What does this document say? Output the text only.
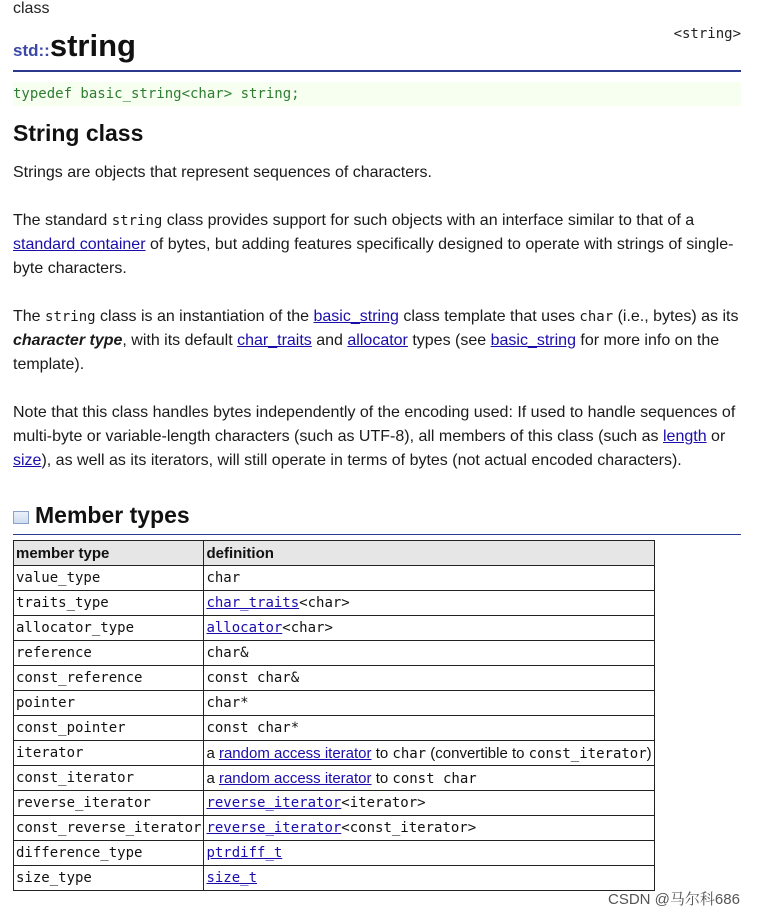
class
<string>
std::string
typedef basic_string<char> string;
String class
Strings are objects that represent sequences of characters.
The standard string class provides support for such objects with an interface similar to that of a standard container of bytes, but adding features specifically designed to operate with strings of single-byte characters.
The string class is an instantiation of the basic_string class template that uses char (i.e., bytes) as its character type, with its default char_traits and allocator types (see basic_string for more info on the template).
Note that this class handles bytes independently of the encoding used: If used to handle sequences of multi-byte or variable-length characters (such as UTF-8), all members of this class (such as length or size), as well as its iterators, will still operate in terms of bytes (not actual encoded characters).
Member types
member type	definition
value_type	char
traits_type	char_traits<char>
allocator_type	allocator<char>
reference	char&
const_reference	const char&
pointer	char*
const_pointer	const char*
iterator	a random access iterator to char (convertible to const_iterator)
const_iterator	a random access iterator to const char
reverse_iterator	reverse_iterator<iterator>
const_reverse_iterator	reverse_iterator<const_iterator>
difference_type	ptrdiff_t
size_type	size_t
CSDN @马尔科686
